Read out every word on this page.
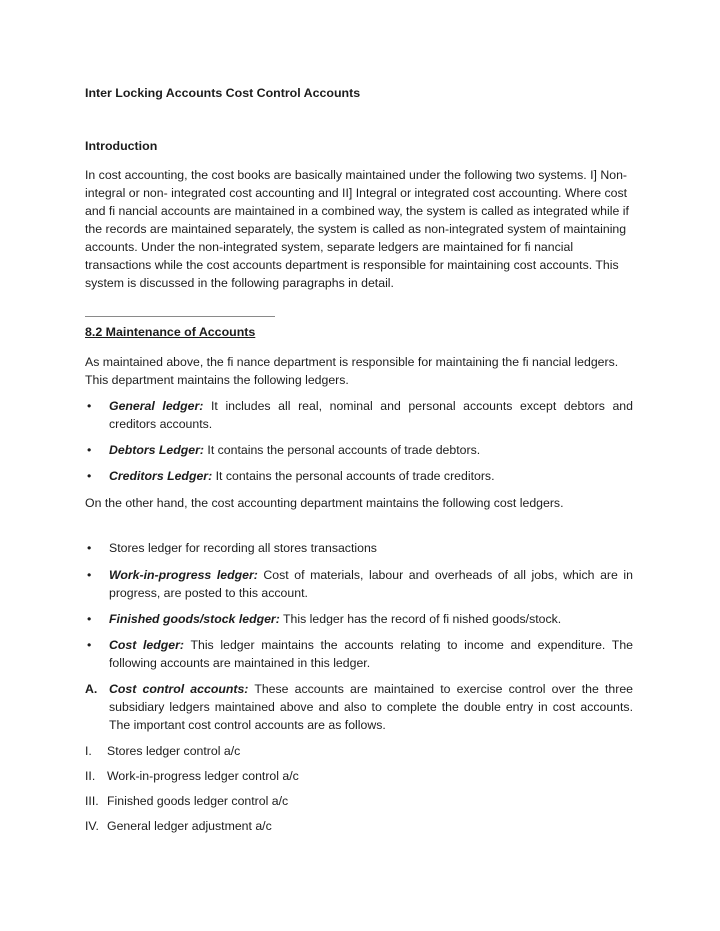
Inter Locking Accounts Cost Control Accounts
Introduction
In cost accounting, the cost books are basically maintained under the following two systems. I] Non- integral or non- integrated cost accounting and II] Integral or integrated cost accounting. Where cost and fi nancial accounts are maintained in a combined way, the system is called as integrated while if the records are maintained separately, the system is called as non-integrated system of maintaining accounts. Under the non-integrated system, separate ledgers are maintained for fi nancial transactions while the cost accounts department is responsible for maintaining cost accounts. This system is discussed in the following paragraphs in detail.
8.2 Maintenance of Accounts
As maintained above, the fi nance department is responsible for maintaining the fi nancial ledgers. This department maintains the following ledgers.
•	General ledger: It includes all real, nominal and personal accounts except debtors and creditors accounts.
•	Debtors Ledger: It contains the personal accounts of trade debtors.
•	Creditors Ledger: It contains the personal accounts of trade creditors.
On the other hand, the cost accounting department maintains the following cost ledgers.
•	Stores ledger for recording all stores transactions
•	Work-in-progress ledger: Cost of materials, labour and overheads of all jobs, which are in progress, are posted to this account.
•	Finished goods/stock ledger: This ledger has the record of fi nished goods/stock.
•	Cost ledger: This ledger maintains the accounts relating to income and expenditure. The following accounts are maintained in this ledger.
A. Cost control accounts: These accounts are maintained to exercise control over the three subsidiary ledgers maintained above and also to complete the double entry in cost accounts. The important cost control accounts are as follows.
I.	Stores ledger control a/c
II. Work-in-progress ledger control a/c
III. Finished goods ledger control a/c
IV. General ledger adjustment a/c
